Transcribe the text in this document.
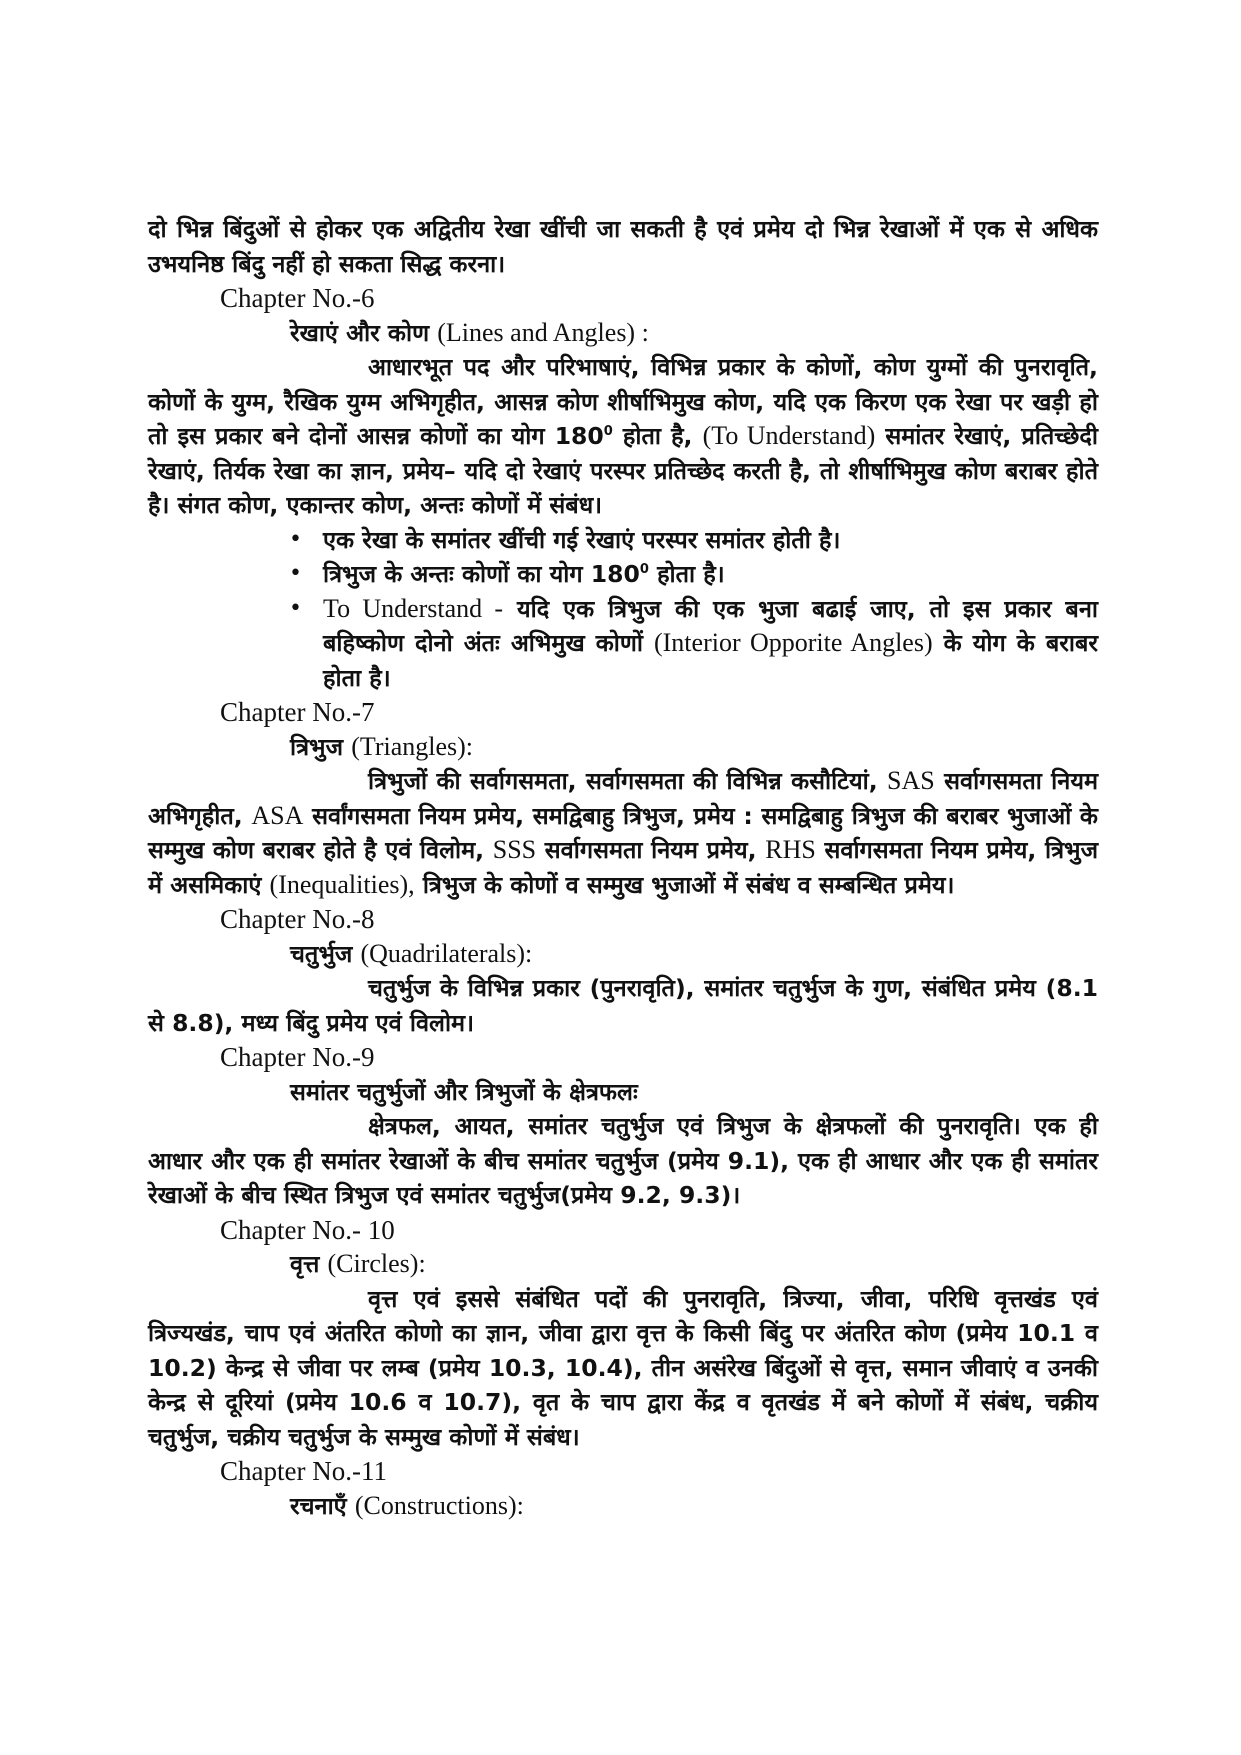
दो भिन्न बिंदुओं से होकर एक अद्वितीय रेखा खींची जा सकती है एवं प्रमेय दो भिन्न रेखाओं में एक से अधिक उभयनिष्ठ बिंदु नहीं हो सकता सिद्ध करना।

Chapter No.-6

रेखाएं और कोण (Lines and Angles) :

आधारभूत पद और परिभाषाएं, विभिन्न प्रकार के कोणों, कोण युग्मों की पुनरावृति, कोणों के युग्म, रैखिक युग्म अभिगृहीत, आसन्न कोण शीर्षाभिमुख कोण, यदि एक किरण एक रेखा पर खड़ी हो तो इस प्रकार बने दोनों आसन्न कोणों का योग $180^0$ होता है, (To Understand) समांतर रेखाएं, प्रतिच्छेदी रेखाएं, तिर्यक रेखा का ज्ञान, प्रमेय– यदि दो रेखाएं परस्पर प्रतिच्छेद करती है, तो शीर्षाभिमुख कोण बराबर होते है। संगत कोण, एकान्तर कोण, अन्तः कोणों में संबंध।

• एक रेखा के समांतर खींची गई रेखाएं परस्पर समांतर होती है।
• त्रिभुज के अन्तः कोणों का योग $180^0$ होता है।
• To Understand - यदि एक त्रिभुज की एक भुजा बढाई जाए, तो इस प्रकार बना बहिष्कोण दोनो अंतः अभिमुख कोणों (Interior Opporite Angles) के योग के बराबर होता है।

Chapter No.-7

त्रिभुज (Triangles):

त्रिभुजों की सर्वागसमता, सर्वागसमता की विभिन्न कसौटियां, SAS सर्वागसमता नियम अभिगृहीत, ASA सर्वांगसमता नियम प्रमेय, समद्विबाहु त्रिभुज, प्रमेय : समद्विबाहु त्रिभुज की बराबर भुजाओं के सम्मुख कोण बराबर होते है एवं विलोम, SSS सर्वागसमता नियम प्रमेय, RHS सर्वागसमता नियम प्रमेय, त्रिभुज में असमिकाएं (Inequalities), त्रिभुज के कोणों व सम्मुख भुजाओं में संबंध व सम्बन्धित प्रमेय।

Chapter No.-8

चतुर्भुज (Quadrilaterals):

चतुर्भुज के विभिन्न प्रकार (पुनरावृति), समांतर चतुर्भुज के गुण, संबंधित प्रमेय (8.1 से 8.8), मध्य बिंदु प्रमेय एवं विलोम।

Chapter No.-9

समांतर चतुर्भुजों और त्रिभुजों के क्षेत्रफलः

क्षेत्रफल, आयत, समांतर चतुर्भुज एवं त्रिभुज के क्षेत्रफलों की पुनरावृति। एक ही आधार और एक ही समांतर रेखाओं के बीच समांतर चतुर्भुज (प्रमेय 9.1), एक ही आधार और एक ही समांतर रेखाओं के बीच स्थित त्रिभुज एवं समांतर चतुर्भुज(प्रमेय 9.2, 9.3)।

Chapter No.- 10

वृत्त (Circles):

वृत्त एवं इससे संबंधित पदों की पुनरावृति, त्रिज्या, जीवा, परिधि वृत्तखंड एवं त्रिज्यखंड, चाप एवं अंतरित कोणो का ज्ञान, जीवा द्वारा वृत्त के किसी बिंदु पर अंतरित कोण (प्रमेय 10.1 व 10.2) केन्द्र से जीवा पर लम्ब (प्रमेय 10.3, 10.4), तीन असंरेख बिंदुओं से वृत्त, समान जीवाएं व उनकी केन्द्र से दूरियां (प्रमेय 10.6 व 10.7), वृत के चाप द्वारा केंद्र व वृतखंड में बने कोणों में संबंध, चक्रीय चतुर्भुज, चक्रीय चतुर्भुज के सम्मुख कोणों में संबंध।

Chapter No.-11

रचनाएँ (Constructions):
